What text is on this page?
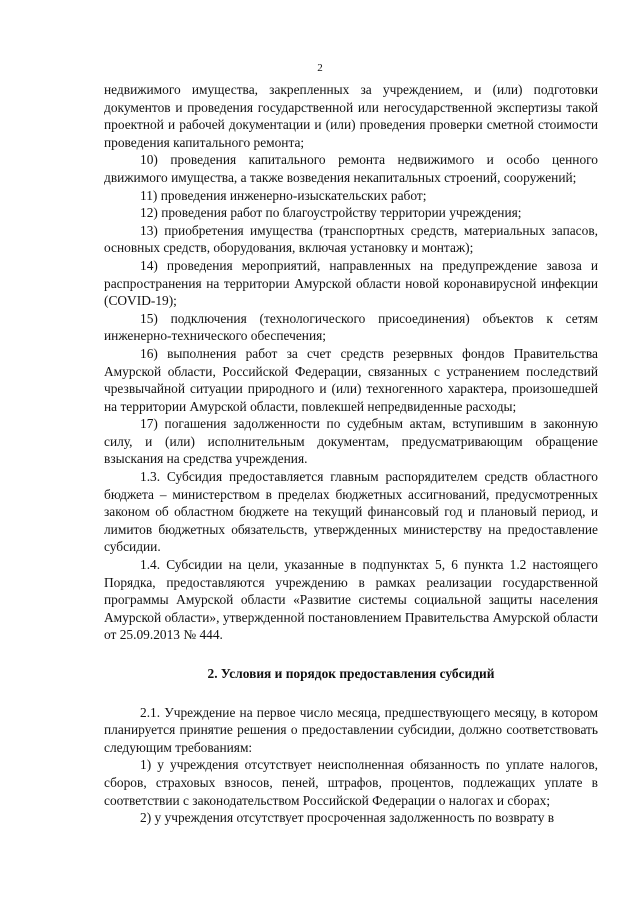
2

недвижимого имущества, закрепленных за учреждением, и (или) подготовки документов и проведения государственной или негосударственной экспертизы такой проектной и рабочей документации и (или) проведения проверки сметной стоимости проведения капитального ремонта;

10) проведения капитального ремонта недвижимого и особо ценного движимого имущества, а также возведения некапитальных строений, сооружений;

11) проведения инженерно-изыскательских работ;

12) проведения работ по благоустройству территории учреждения;

13) приобретения имущества (транспортных средств, материальных запасов, основных средств, оборудования, включая установку и монтаж);

14) проведения мероприятий, направленных на предупреждение завоза и распространения на территории Амурской области новой коронавирусной инфекции (COVID-19);

15) подключения (технологического присоединения) объектов к сетям инженерно-технического обеспечения;

16) выполнения работ за счет средств резервных фондов Правительства Амурской области, Российской Федерации, связанных с устранением последствий чрезвычайной ситуации природного и (или) техногенного характера, произошедшей на территории Амурской области, повлекшей непредвиденные расходы;

17) погашения задолженности по судебным актам, вступившим в законную силу, и (или) исполнительным документам, предусматривающим обращение взыскания на средства учреждения.

1.3. Субсидия предоставляется главным распорядителем средств областного бюджета – министерством в пределах бюджетных ассигнований, предусмотренных законом об областном бюджете на текущий финансовый год и плановый период, и лимитов бюджетных обязательств, утвержденных министерству на предоставление субсидии.

1.4. Субсидии на цели, указанные в подпунктах 5, 6 пункта 1.2 настоящего Порядка, предоставляются учреждению в рамках реализации государственной программы Амурской области «Развитие системы социальной защиты населения Амурской области», утвержденной постановлением Правительства Амурской области от 25.09.2013 № 444.

2. Условия и порядок предоставления субсидий

2.1. Учреждение на первое число месяца, предшествующего месяцу, в котором планируется принятие решения о предоставлении субсидии, должно соответствовать следующим требованиям:

1) у учреждения отсутствует неисполненная обязанность по уплате налогов, сборов, страховых взносов, пеней, штрафов, процентов, подлежащих уплате в соответствии с законодательством Российской Федерации о налогах и сборах;

2) у учреждения отсутствует просроченная задолженность по возврату в
